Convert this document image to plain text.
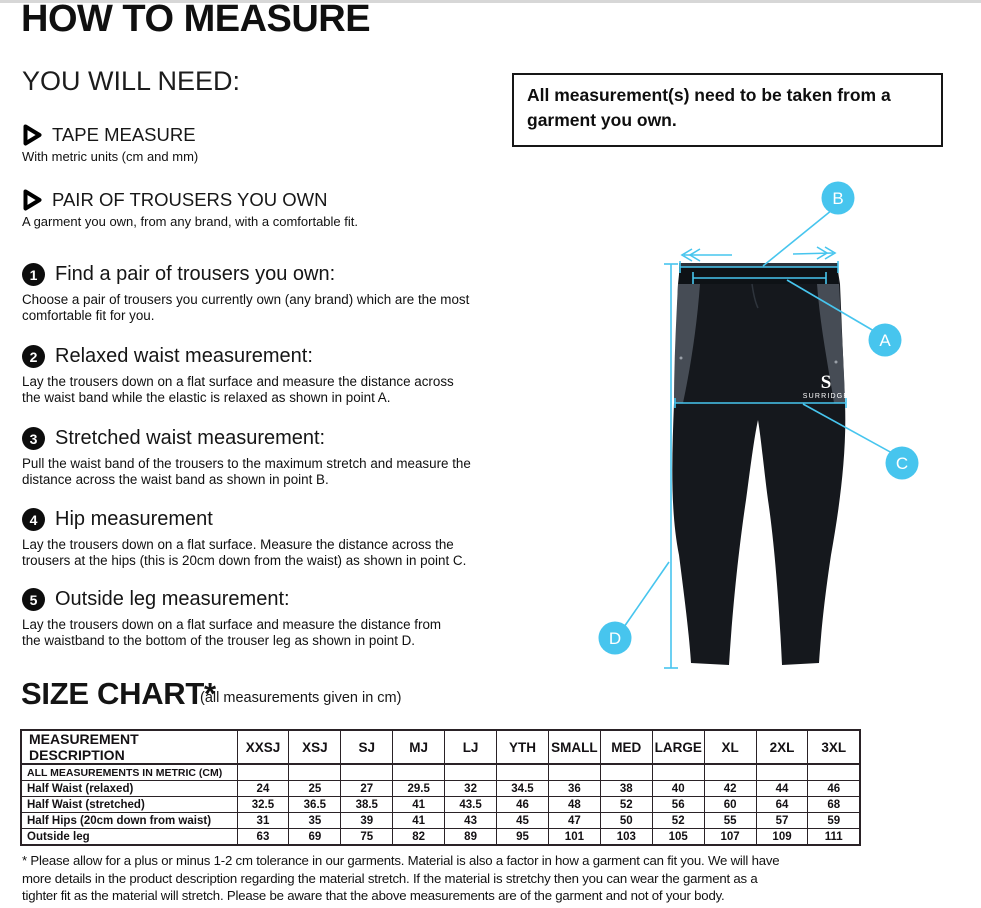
HOW TO MEASURE
YOU WILL NEED:
TAPE MEASURE
With metric units (cm and mm)
PAIR OF TROUSERS YOU OWN
A garment you own, from any brand, with a comfortable fit.
1 Find a pair of trousers you own:
Choose a pair of trousers you currently own (any brand) which are the most
comfortable fit for you.
2 Relaxed waist measurement:
Lay the trousers down on a flat surface and measure the distance across
the waist band while the elastic is relaxed as shown in point A.
3 Stretched waist measurement:
Pull the waist band of the trousers to the maximum stretch and measure the
distance across the waist band as shown in point B.
4 Hip measurement
Lay the trousers down on a flat surface. Measure the distance across the
trousers at the hips (this is 20cm down from the waist) as shown in point C.
5 Outside leg measurement:
Lay the trousers down on a flat surface and measure the distance from
the waistband to the bottom of the trouser leg as shown in point D.
All measurement(s) need to be taken from a
garment you own.
S
SURRIDGE
B
A
C
D
SIZE CHART*
(all measurements given in cm)
MEASUREMENT DESCRIPTION	XXSJ	XSJ	SJ	MJ	LJ	YTH	SMALL	MED	LARGE	XL	2XL	3XL
ALL MEASUREMENTS IN METRIC (CM)												
Half Waist (relaxed)	24	25	27	29.5	32	34.5	36	38	40	42	44	46
Half Waist (stretched)	32.5	36.5	38.5	41	43.5	46	48	52	56	60	64	68
Half Hips (20cm down from waist)	31	35	39	41	43	45	47	50	52	55	57	59
Outside leg	63	69	75	82	89	95	101	103	105	107	109	111
* Please allow for a plus or minus 1-2 cm tolerance in our garments. Material is also a factor in how a garment can fit you. We will have
more details in the product description regarding the material stretch. If the material is stretchy then you can wear the garment as a
tighter fit as the material will stretch. Please be aware that the above measurements are of the garment and not of your body.
